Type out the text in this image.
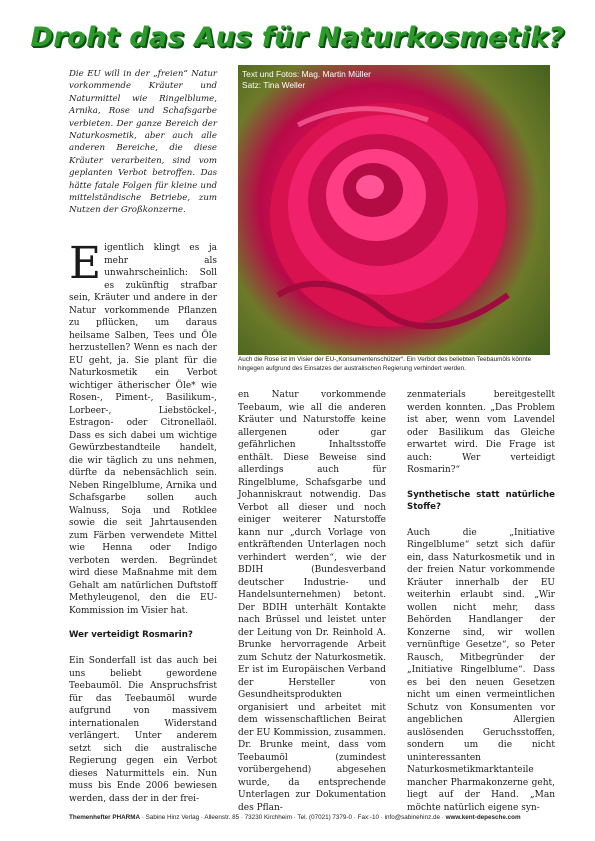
Droht das Aus für Naturkosmetik?

Die EU will in der „freien“ Natur vorkommende Kräuter und Naturmittel wie Ringelblume, Arnika, Rose und Schafsgarbe verbieten. Der ganze Bereich der Naturkosmetik, aber auch alle anderen Bereiche, die diese Kräuter verarbeiten, sind vom geplanten Verbot betroffen. Das hätte fatale Folgen für kleine und mittelständische Betriebe, zum Nutzen der Großkonzerne.

Text und Fotos: Mag. Martin Müller
Satz: Tina Weller
Auch die Rose ist im Visier der EU-„Konsumentenschützer“. Ein Verbot des beliebten Teebaumöls könnte hingegen aufgrund des Einsatzes der australischen Regierung verhindert werden.

Eigentlich klingt es ja mehr als unwahrscheinlich: Soll es zukünftig strafbar sein, Kräuter und andere in der Natur vorkommende Pflanzen zu pflücken, um daraus heilsame Salben, Tees und Öle herzustellen? Wenn es nach der EU geht, ja. Sie plant für die Naturkosmetik ein Verbot wichtiger ätherischer Öle* wie Rosen-, Piment-, Basilikum-, Lorbeer-, Liebstöckel-, Estragon- oder Citronellaöl. Dass es sich dabei um wichtige Gewürzbestandteile handelt, die wir täglich zu uns nehmen, dürfte da nebensächlich sein. Neben Ringelblume, Arnika und Schafsgarbe sollen auch Walnuss, Soja und Rotklee sowie die seit Jahrtausenden zum Färben verwendete Mittel wie Henna oder Indigo verboten werden. Begründet wird diese Maßnahme mit dem Gehalt am natürlichen Duftstoff Methyleugenol, den die EU-Kommission im Visier hat.

Wer verteidigt Rosmarin?

Ein Sonderfall ist das auch bei uns beliebt gewordene Teebaumöl. Die Anspruchsfrist für das Teebaumöl wurde aufgrund von massivem internationalen Widerstand verlängert. Unter anderem setzt sich die australische Regierung gegen ein Verbot dieses Naturmittels ein. Nun muss bis Ende 2006 bewiesen werden, dass der in der frei-

en Natur vorkommende Teebaum, wie all die anderen Kräuter und Naturstoffe keine allergenen oder gar gefährlichen Inhaltsstoffe enthält. Diese Beweise sind allerdings auch für Ringelblume, Schafsgarbe und Johanniskraut notwendig. Das Verbot all dieser und noch einiger weiterer Naturstoffe kann nur „durch Vorlage von entkräftenden Unterlagen noch verhindert werden“, wie der BDIH (Bundesverband deutscher Industrie- und Handelsunternehmen) betont. Der BDIH unterhält Kontakte nach Brüssel und leistet unter der Leitung von Dr. Reinhold A. Brunke hervorragende Arbeit zum Schutz der Naturkosmetik. Er ist im Europäischen Verband der Hersteller von Gesundheitsprodukten organisiert und arbeitet mit dem wissenschaftlichen Beirat der EU Kommission, zusammen. Dr. Brunke meint, dass vom Teebaumöl (zumindest vorübergehend) abgesehen wurde, da entsprechende Unterlagen zur Dokumentation des Pflan-

zenmaterials bereitgestellt werden konnten. „Das Problem ist aber, wenn vom Lavendel oder Basilikum das Gleiche erwartet wird. Die Frage ist auch: Wer verteidigt Rosmarin?“

Synthetische statt natürliche Stoffe?

Auch die „Initiative Ringelblume“ setzt sich dafür ein, dass Naturkosmetik und in der freien Natur vorkommende Kräuter innerhalb der EU weiterhin erlaubt sind. „Wir wollen nicht mehr, dass Behörden Handlanger der Konzerne sind, wir wollen vernünftige Gesetze“, so Peter Rausch, Mitbegründer der „Initiative Ringelblume“. Dass es bei den neuen Gesetzen nicht um einen vermeintlichen Schutz von Konsumenten vor angeblichen Allergien auslösenden Geruchsstoffen, sondern um die nicht uninteressanten Naturkosmetikmarktanteile mancher Pharmakonzerne geht, liegt auf der Hand. „Man möchte natürlich eigene syn-

Themenhefter PHARMA · Sabine Hinz Verlag · Alleenstr. 85 · 73230 Kirchheim · Tel. (07021) 7379-0 · Fax:-10 · info@sabinehinz.de · www.kent-depesche.com
